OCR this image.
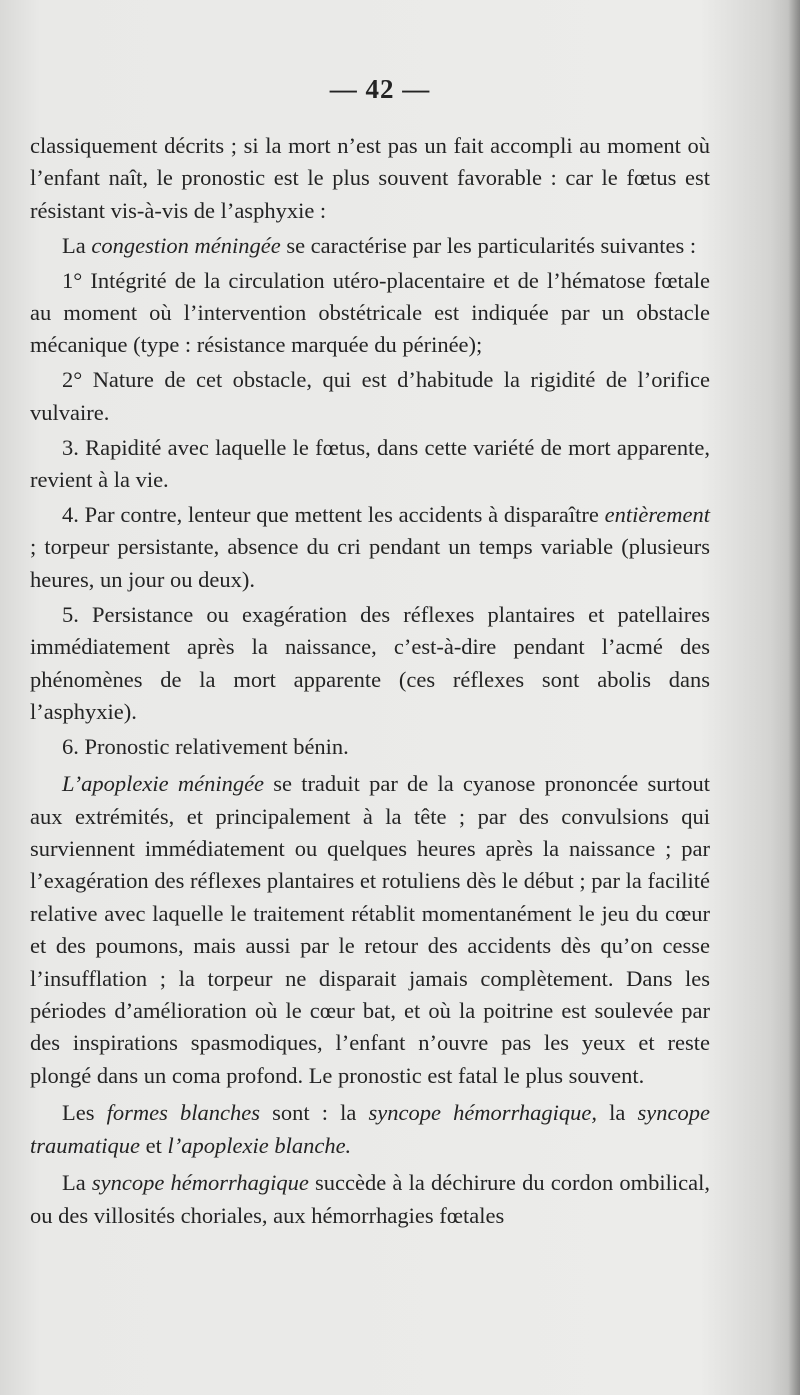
— 42 —

classiquement décrits ; si la mort n’est pas un fait accompli au moment où l’enfant naît, le pronostic est le plus souvent favorable : car le fœtus est résistant vis-à-vis de l’asphyxie :

La congestion méningée se caractérise par les particularités suivantes :

1° Intégrité de la circulation utéro-placentaire et de l’hématose fœtale au moment où l’intervention obstétricale est indiquée par un obstacle mécanique (type : résistance marquée du périnée);

2° Nature de cet obstacle, qui est d’habitude la rigidité de l’orifice vulvaire.

3. Rapidité avec laquelle le fœtus, dans cette variété de mort apparente, revient à la vie.

4. Par contre, lenteur que mettent les accidents à disparaître entièrement ; torpeur persistante, absence du cri pendant un temps variable (plusieurs heures, un jour ou deux).

5. Persistance ou exagération des réflexes plantaires et patellaires immédiatement après la naissance, c’est-à-dire pendant l’acmé des phénomènes de la mort apparente (ces réflexes sont abolis dans l’asphyxie).

6. Pronostic relativement bénin.

L’apoplexie méningée se traduit par de la cyanose prononcée surtout aux extrémités, et principalement à la tête ; par des convulsions qui surviennent immédiatement ou quelques heures après la naissance ; par l’exagération des réflexes plantaires et rotuliens dès le début ; par la facilité relative avec laquelle le traitement rétablit momentanément le jeu du cœur et des poumons, mais aussi par le retour des accidents dès qu’on cesse l’insufflation ; la torpeur ne disparait jamais complètement. Dans les périodes d’amélioration où le cœur bat, et où la poitrine est soulevée par des inspirations spasmodiques, l’enfant n’ouvre pas les yeux et reste plongé dans un coma profond. Le pronostic est fatal le plus souvent.

Les formes blanches sont : la syncope hémorrhagique, la syncope traumatique et l’apoplexie blanche.

La syncope hémorrhagique succède à la déchirure du cordon ombilical, ou des villosités choriales, aux hémorrhagies fœtales
